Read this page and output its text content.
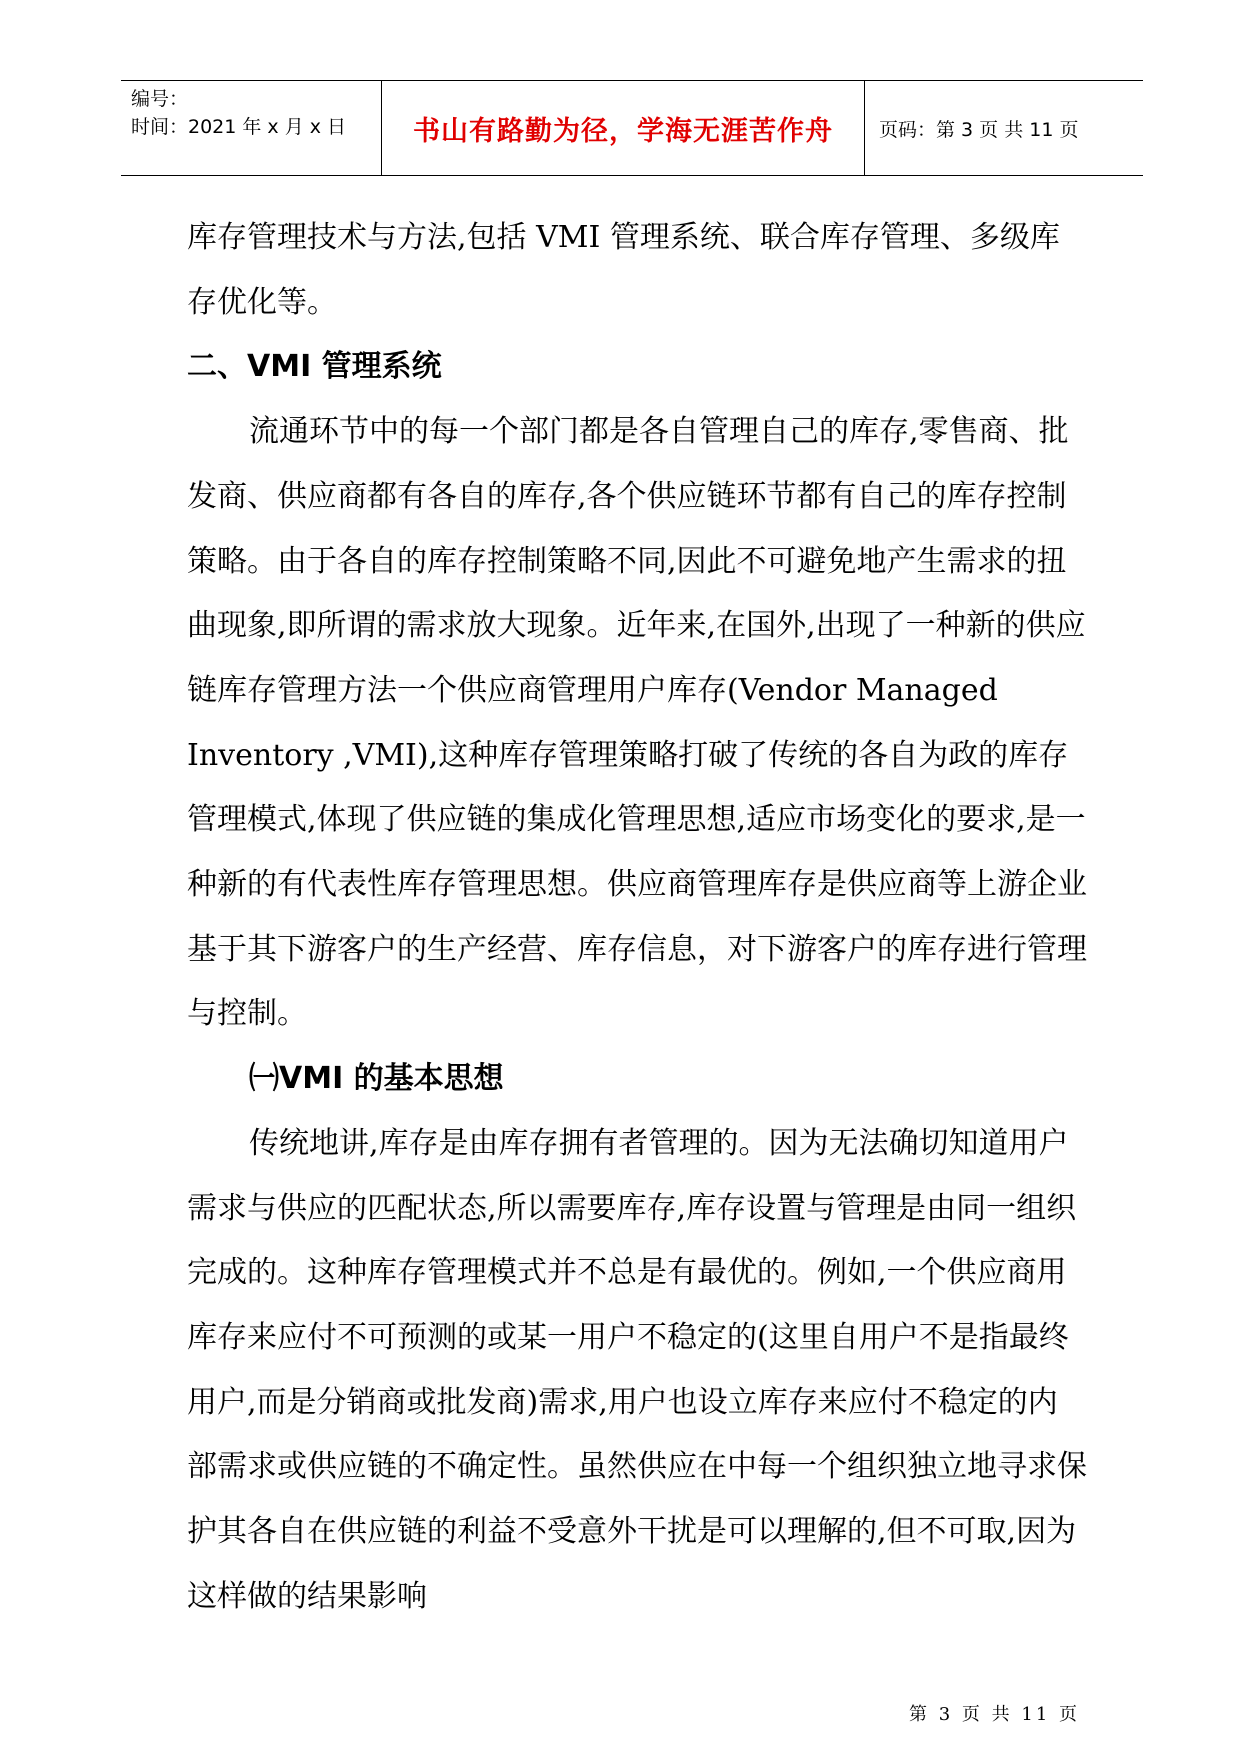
编号：
时间：2021 年 x 月 x 日 书山有路勤为径，学海无涯苦作舟 页码：第 3 页 共 11 页

库存管理技术与方法,包括 VMI 管理系统、联合库存管理、多级库存优化等。

二、VMI 管理系统

流通环节中的每一个部门都是各自管理自己的库存,零售商、批发商、供应商都有各自的库存,各个供应链环节都有自己的库存控制策略。由于各自的库存控制策略不同,因此不可避免地产生需求的扭曲现象,即所谓的需求放大现象。近年来,在国外,出现了一种新的供应链库存管理方法一个供应商管理用户库存(Vendor Managed Inventory ,VMI),这种库存管理策略打破了传统的各自为政的库存管理模式,体现了供应链的集成化管理思想,适应市场变化的要求,是一种新的有代表性库存管理思想。供应商管理库存是供应商等上游企业基于其下游客户的生产经营、库存信息，对下游客户的库存进行管理与控制。

㈠VMI 的基本思想

传统地讲,库存是由库存拥有者管理的。因为无法确切知道用户需求与供应的匹配状态,所以需要库存,库存设置与管理是由同一组织完成的。这种库存管理模式并不总是有最优的。例如,一个供应商用库存来应付不可预测的或某一用户不稳定的(这里自用户不是指最终用户,而是分销商或批发商)需求,用户也设立库存来应付不稳定的内部需求或供应链的不确定性。虽然供应在中每一个组织独立地寻求保护其各自在供应链的利益不受意外干扰是可以理解的,但不可取,因为这样做的结果影响

第 3 页 共 11 页
